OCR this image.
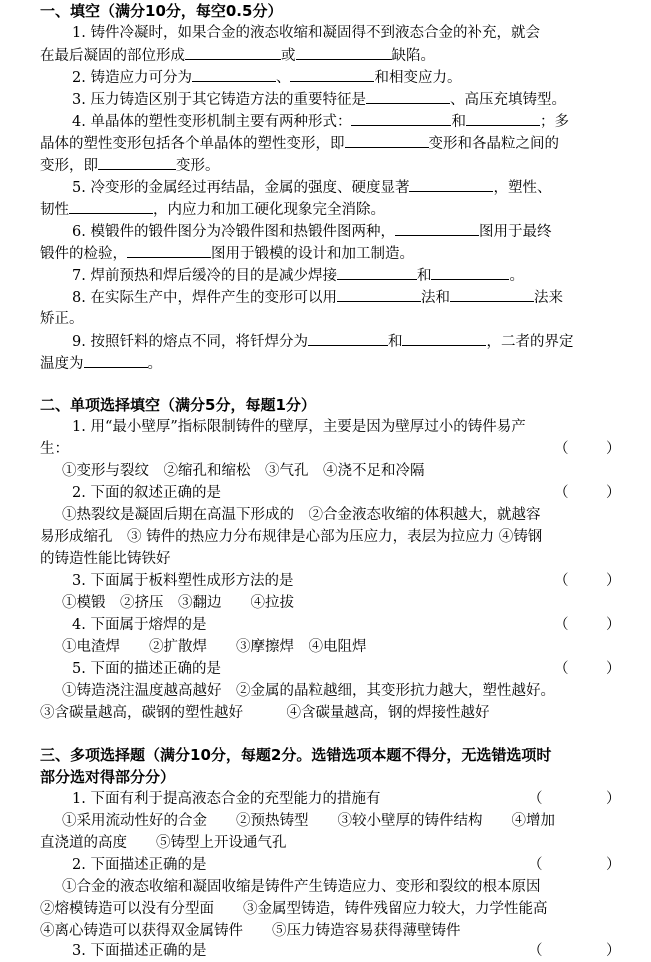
一、填空（满分10分，每空0.5分）
1. 铸件冷凝时，如果合金的液态收缩和凝固得不到液态合金的补充，就会
在最后凝固的部位形成	或	缺陷。
2. 铸造应力可分为	、	和相变应力。
3. 压力铸造区别于其它铸造方法的重要特征是	、高压充填铸型。
4. 单晶体的塑性变形机制主要有两种形式：	和	；多
晶体的塑性变形包括各个单晶体的塑性变形，即	变形和各晶粒之间的
变形，即	变形。
5. 冷变形的金属经过再结晶，金属的强度、硬度显著	，塑性、
韧性	，内应力和加工硬化现象完全消除。
6. 模锻件的锻件图分为冷锻件图和热锻件图两种，	图用于最终
锻件的检验，	图用于锻模的设计和加工制造。
7. 焊前预热和焊后缓冷的目的是减少焊接	和	。
8. 在实际生产中，焊件产生的变形可以用	法和	法来
矫正。
9. 按照钎料的熔点不同，将钎焊分为	和	，二者的界定
温度为	。
二、单项选择填空（满分5分，每题1分）
1. 用“最小壁厚”指标限制铸件的壁厚，主要是因为壁厚过小的铸件易产
生：	（	）
①变形与裂纹　②缩孔和缩松　③气孔　④浇不足和冷隔
2. 下面的叙述正确的是	（	）
①热裂纹是凝固后期在高温下形成的　②合金液态收缩的体积越大，就越容
易形成缩孔　③ 铸件的热应力分布规律是心部为压应力，表层为拉应力 ④铸钢
的铸造性能比铸铁好
3. 下面属于板料塑性成形方法的是	（	）
①模锻　②挤压　③翻边　　④拉拔
4. 下面属于熔焊的是	（	）
①电渣焊　　②扩散焊　　③摩擦焊　④电阻焊
5. 下面的描述正确的是	（	）
①铸造浇注温度越高越好　②金属的晶粒越细，其变形抗力越大，塑性越好。
③含碳量越高，碳钢的塑性越好　　　④含碳量越高，钢的焊接性越好
三、多项选择题（满分10分，每题2分。选错选项本题不得分，无选错选项时
部分选对得部分分）
1. 下面有利于提高液态合金的充型能力的措施有	（	）
①采用流动性好的合金　　②预热铸型　　③较小壁厚的铸件结构　　④增加
直浇道的高度　　⑤铸型上开设通气孔
2. 下面描述正确的是	（	）
①合金的液态收缩和凝固收缩是铸件产生铸造应力、变形和裂纹的根本原因
②熔模铸造可以没有分型面　　③金属型铸造，铸件残留应力较大，力学性能高
④离心铸造可以获得双金属铸件　　⑤压力铸造容易获得薄壁铸件
3. 下面描述正确的是	（	）
